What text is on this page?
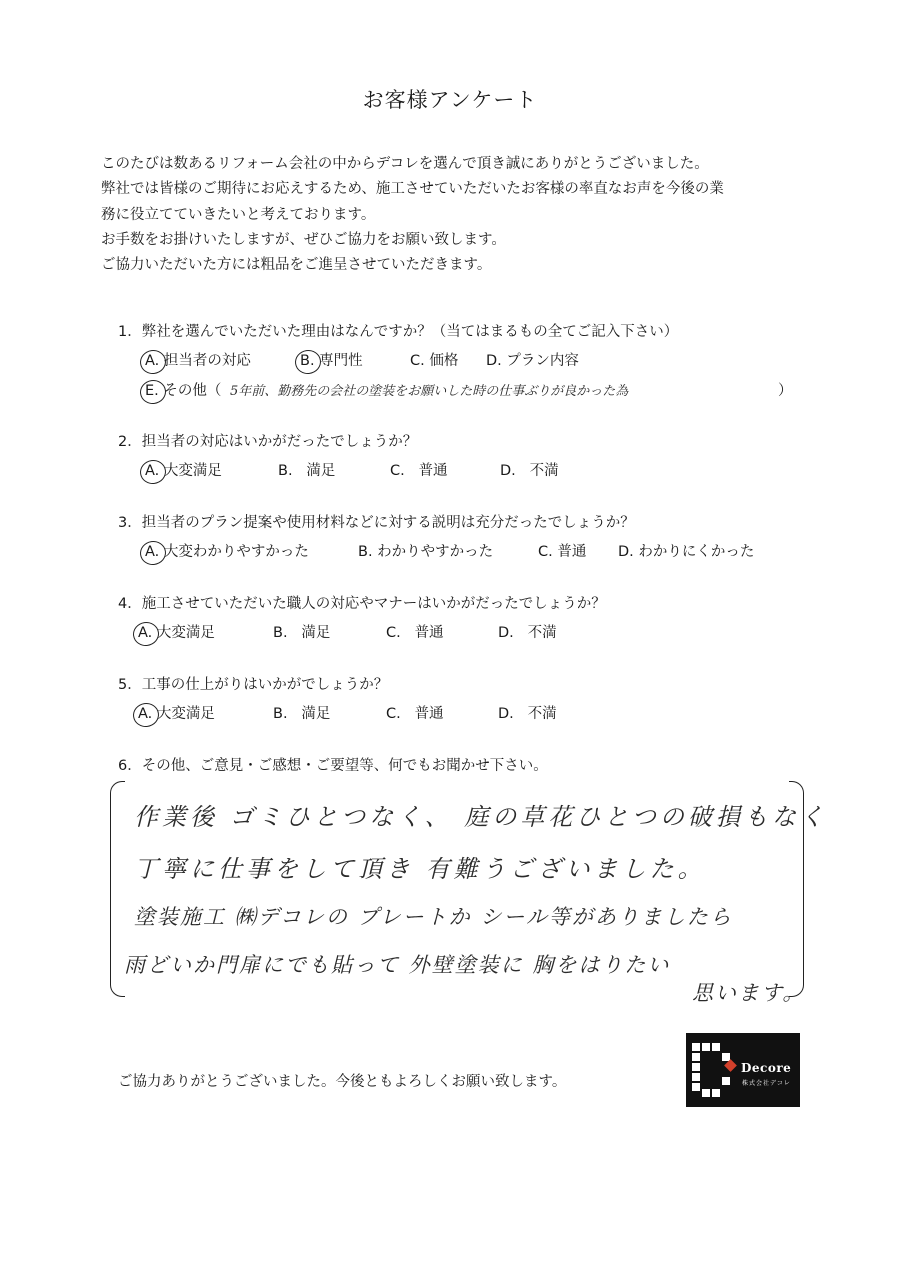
お客様アンケート
このたびは数あるリフォーム会社の中からデコレを選んで頂き誠にありがとうございました。
弊社では皆様のご期待にお応えするため、施工させていただいたお客様の率直なお声を今後の業
務に役立てていきたいと考えております。
お手数をお掛けいたしますが、ぜひご協力をお願い致します。
ご協力いただいた方には粗品をご進呈させていただきます。
1．弊社を選んでいただいた理由はなんですか？（当てはまるもの全てご記入下さい）
A. 担当者の対応	B. 専門性	C. 価格 D. プラン内容
E. その他（ 5年前、勤務先の会社の塗装をお願いした時の仕事ぶりが良かった為	）
2．担当者の対応はいかがだったでしょうか？
A. 大変満足	B. 満足	C. 普通	D. 不満
3．担当者のプラン提案や使用材料などに対する説明は充分だったでしょうか？
A. 大変わかりやすかった	B. わかりやすかった	C. 普通 D. わかりにくかった
4．施工させていただいた職人の対応やマナーはいかがだったでしょうか？
A. 大変満足	B. 満足	C. 普通	D. 不満
5．工事の仕上がりはいかがでしょうか？
A. 大変満足	B. 満足	C. 普通	D. 不満
6．その他、ご意見・ご感想・ご要望等、何でもお聞かせ下さい。
作業後 ゴミひとつなく、 庭の草花ひとつの破損もなく
丁寧に仕事をして頂き 有難うございました。
塗装施工 ㈱デコレの プレートか シール等がありましたら
雨どいか門扉にでも貼って 外壁塗装に 胸をはりたい
思います。
ご協力ありがとうございました。今後ともよろしくお願い致します。
Decore
株式会社デコレ
